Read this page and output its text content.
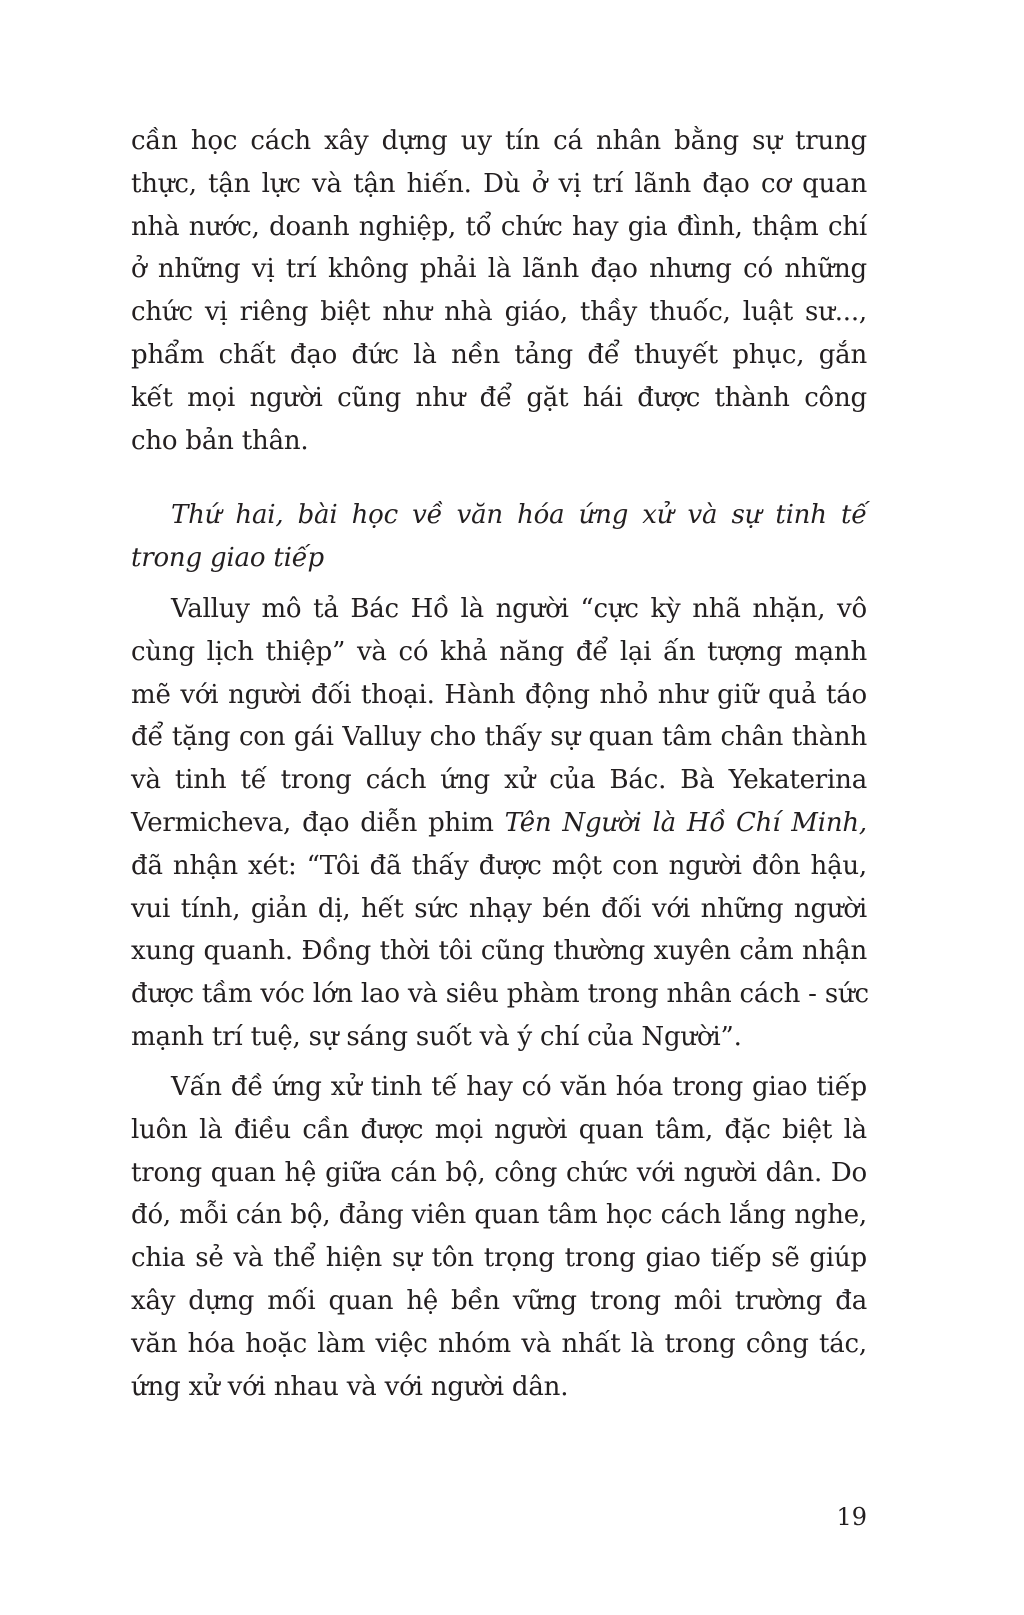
cần học cách xây dựng uy tín cá nhân bằng sự trung
thực, tận lực và tận hiến. Dù ở vị trí lãnh đạo cơ quan
nhà nước, doanh nghiệp, tổ chức hay gia đình, thậm chí
ở những vị trí không phải là lãnh đạo nhưng có những
chức vị riêng biệt như nhà giáo, thầy thuốc, luật sư...,
phẩm chất đạo đức là nền tảng để thuyết phục, gắn
kết mọi người cũng như để gặt hái được thành công
cho bản thân.
Thứ hai, bài học về văn hóa ứng xử và sự tinh tế
trong giao tiếp
Valluy mô tả Bác Hồ là người “cực kỳ nhã nhặn, vô
cùng lịch thiệp” và có khả năng để lại ấn tượng mạnh
mẽ với người đối thoại. Hành động nhỏ như giữ quả táo
để tặng con gái Valluy cho thấy sự quan tâm chân thành
và tinh tế trong cách ứng xử của Bác. Bà Yekaterina
Vermicheva, đạo diễn phim Tên Người là Hồ Chí Minh,
đã nhận xét: “Tôi đã thấy được một con người đôn hậu,
vui tính, giản dị, hết sức nhạy bén đối với những người
xung quanh. Đồng thời tôi cũng thường xuyên cảm nhận
được tầm vóc lớn lao và siêu phàm trong nhân cách - sức
mạnh trí tuệ, sự sáng suốt và ý chí của Người”.
Vấn đề ứng xử tinh tế hay có văn hóa trong giao tiếp
luôn là điều cần được mọi người quan tâm, đặc biệt là
trong quan hệ giữa cán bộ, công chức với người dân. Do
đó, mỗi cán bộ, đảng viên quan tâm học cách lắng nghe,
chia sẻ và thể hiện sự tôn trọng trong giao tiếp sẽ giúp
xây dựng mối quan hệ bền vững trong môi trường đa
văn hóa hoặc làm việc nhóm và nhất là trong công tác,
ứng xử với nhau và với người dân.
19
